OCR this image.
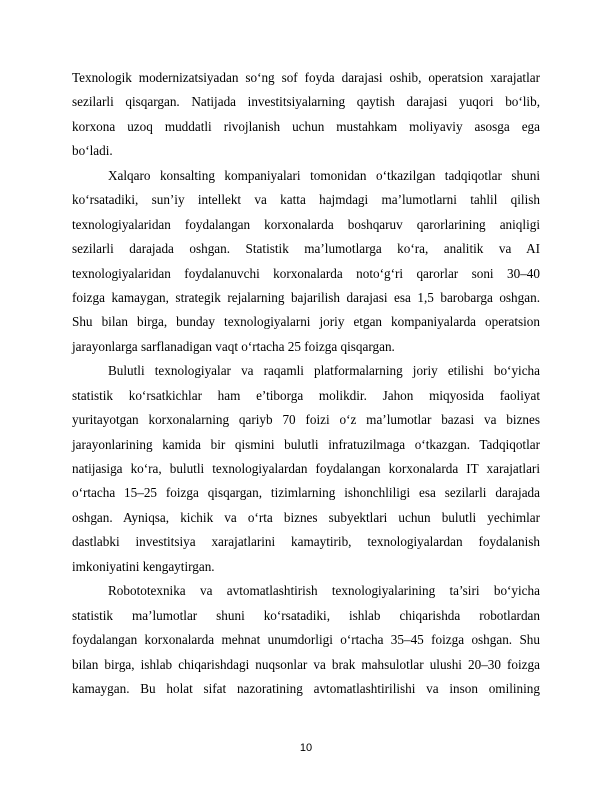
Texnologik modernizatsiyadan so‘ng sof foyda darajasi oshib, operatsion xarajatlar
sezilarli qisqargan. Natijada investitsiyalarning qaytish darajasi yuqori bo‘lib,
korxona uzoq muddatli rivojlanish uchun mustahkam moliyaviy asosga ega
bo‘ladi.
Xalqaro konsalting kompaniyalari tomonidan o‘tkazilgan tadqiqotlar shuni
ko‘rsatadiki, sun’iy intellekt va katta hajmdagi ma’lumotlarni tahlil qilish
texnologiyalaridan foydalangan korxonalarda boshqaruv qarorlarining aniqligi
sezilarli darajada oshgan. Statistik ma’lumotlarga ko‘ra, analitik va AI
texnologiyalaridan foydalanuvchi korxonalarda noto‘g‘ri qarorlar soni 30–40
foizga kamaygan, strategik rejalarning bajarilish darajasi esa 1,5 barobarga oshgan.
Shu bilan birga, bunday texnologiyalarni joriy etgan kompaniyalarda operatsion
jarayonlarga sarflanadigan vaqt o‘rtacha 25 foizga qisqargan.
Bulutli texnologiyalar va raqamli platformalarning joriy etilishi bo‘yicha
statistik ko‘rsatkichlar ham e’tiborga molikdir. Jahon miqyosida faoliyat
yuritayotgan korxonalarning qariyb 70 foizi o‘z ma’lumotlar bazasi va biznes
jarayonlarining kamida bir qismini bulutli infratuzilmaga o‘tkazgan. Tadqiqotlar
natijasiga ko‘ra, bulutli texnologiyalardan foydalangan korxonalarda IT xarajatlari
o‘rtacha 15–25 foizga qisqargan, tizimlarning ishonchliligi esa sezilarli darajada
oshgan. Ayniqsa, kichik va o‘rta biznes subyektlari uchun bulutli yechimlar
dastlabki investitsiya xarajatlarini kamaytirib, texnologiyalardan foydalanish
imkoniyatini kengaytirgan.
Robototexnika va avtomatlashtirish texnologiyalarining ta’siri bo‘yicha
statistik ma’lumotlar shuni ko‘rsatadiki, ishlab chiqarishda robotlardan
foydalangan korxonalarda mehnat unumdorligi o‘rtacha 35–45 foizga oshgan. Shu
bilan birga, ishlab chiqarishdagi nuqsonlar va brak mahsulotlar ulushi 20–30 foizga
kamaygan. Bu holat sifat nazoratining avtomatlashtirilishi va inson omilining
10
